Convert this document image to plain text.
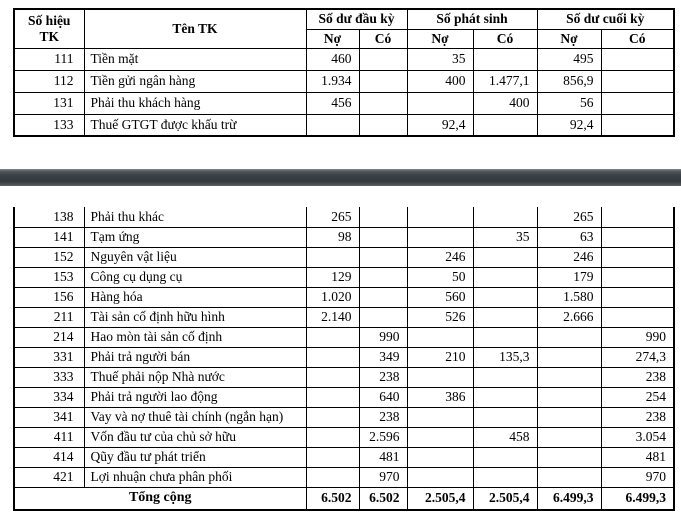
Số hiệu
TK	Tên TK	Số dư đầu kỳ		Số phát sinh		Số dư cuối kỳ	
		Nợ	Có	Nợ	Có	Nợ	Có
111	Tiền mặt	460		35		495	
112	Tiền gửi ngân hàng	1.934		400	1.477,1	856,9	
131	Phải thu khách hàng	456			400	56	
133	Thuế GTGT được khấu trừ			92,4		92,4	
138	Phải thu khác	265				265	
141	Tạm ứng	98			35	63	
152	Nguyên vật liệu			246		246	
153	Công cụ dụng cụ	129		50		179	
156	Hàng hóa	1.020		560		1.580	
211	Tài sản cố định hữu hình	2.140		526		2.666	
214	Hao mòn tài sản cố định		990				990
331	Phải trả người bán		349	210	135,3		274,3
333	Thuế phải nộp Nhà nước		238				238
334	Phải trả người lao động		640	386			254
341	Vay và nợ thuê tài chính (ngắn hạn)		238				238
411	Vốn đầu tư của chủ sở hữu		2.596		458		3.054
414	Qũy đầu tư phát triển		481				481
421	Lợi nhuận chưa phân phối		970				970
Tổng cộng		6.502	6.502	2.505,4	2.505,4	6.499,3	6.499,3
